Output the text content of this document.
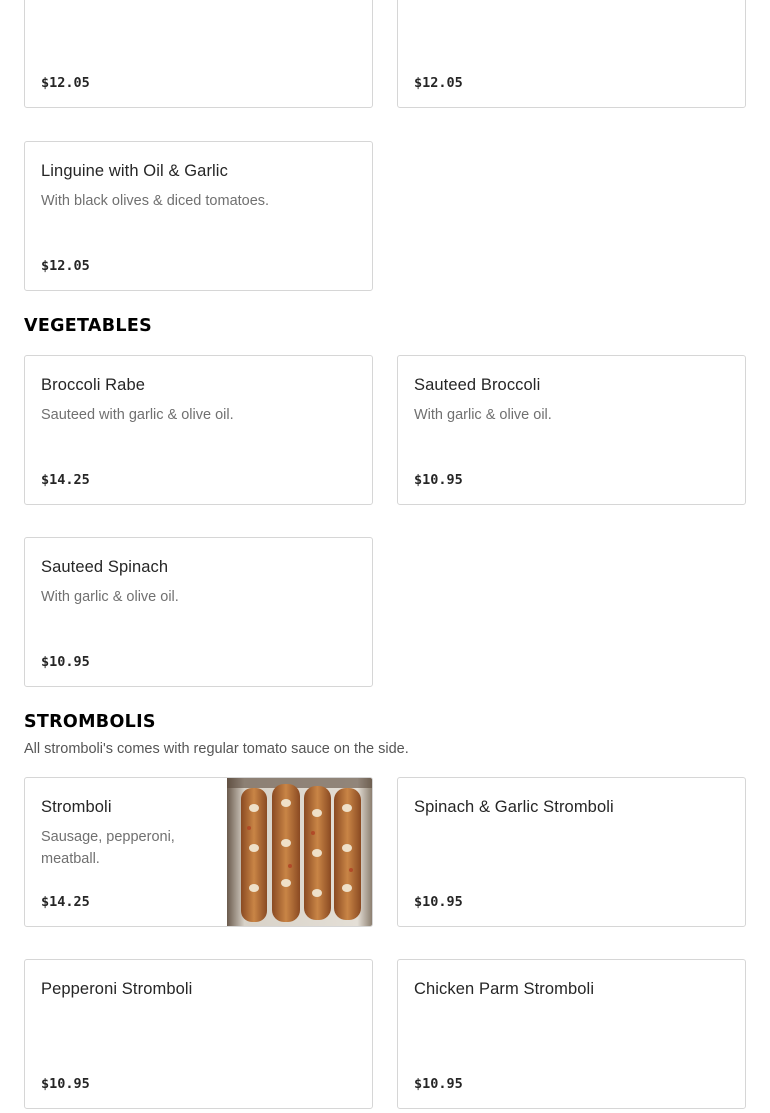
$12.05	$12.05
Linguine with Oil & Garlic
With black olives & diced tomatoes.
$12.05
VEGETABLES
Broccoli Rabe
Sauteed with garlic & olive oil.
$14.25
Sauteed Broccoli
With garlic & olive oil.
$10.95
Sauteed Spinach
With garlic & olive oil.
$10.95
STROMBOLIS

All stromboli's comes with regular tomato sauce on the side.

Stromboli
Sausage, pepperoni, meatball.
$14.25
Spinach & Garlic Stromboli
$10.95
Pepperoni Stromboli
$10.95
Chicken Parm Stromboli
$10.95
